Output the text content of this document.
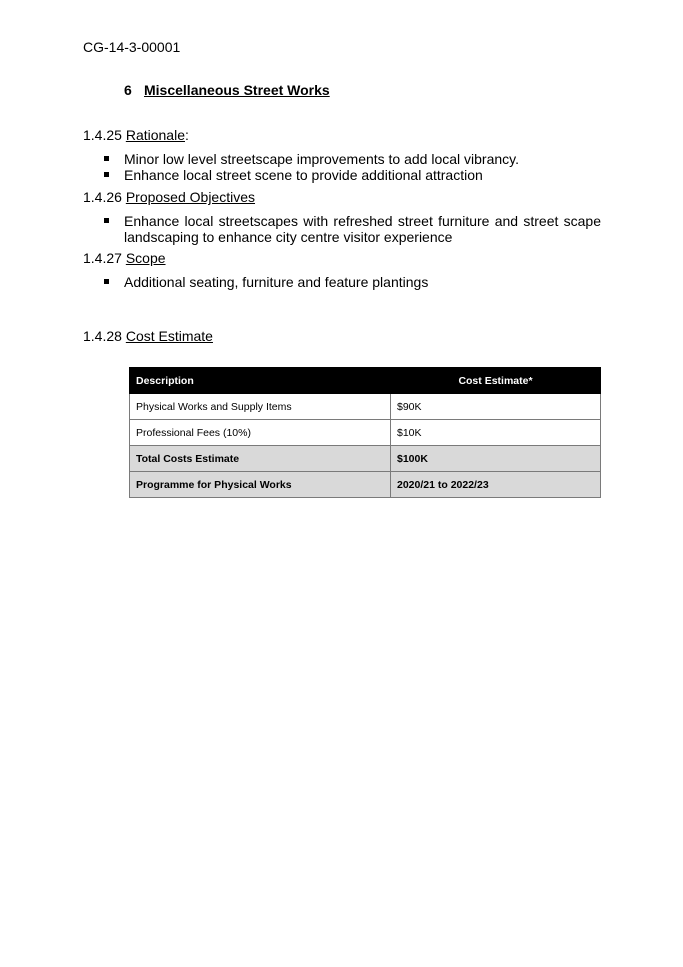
CG-14-3-00001
6 Miscellaneous Street Works
1.4.25 Rationale:
Minor low level streetscape improvements to add local vibrancy.
Enhance local street scene to provide additional attraction
1.4.26 Proposed Objectives
Enhance local streetscapes with refreshed street furniture and street scape landscaping to enhance city centre visitor experience
1.4.27 Scope
Additional seating, furniture and feature plantings
1.4.28 Cost Estimate
Description	Cost Estimate*
Physical Works and Supply Items	$90K
Professional Fees (10%)	$10K
Total Costs Estimate	$100K
Programme for Physical Works	2020/21 to 2022/23
